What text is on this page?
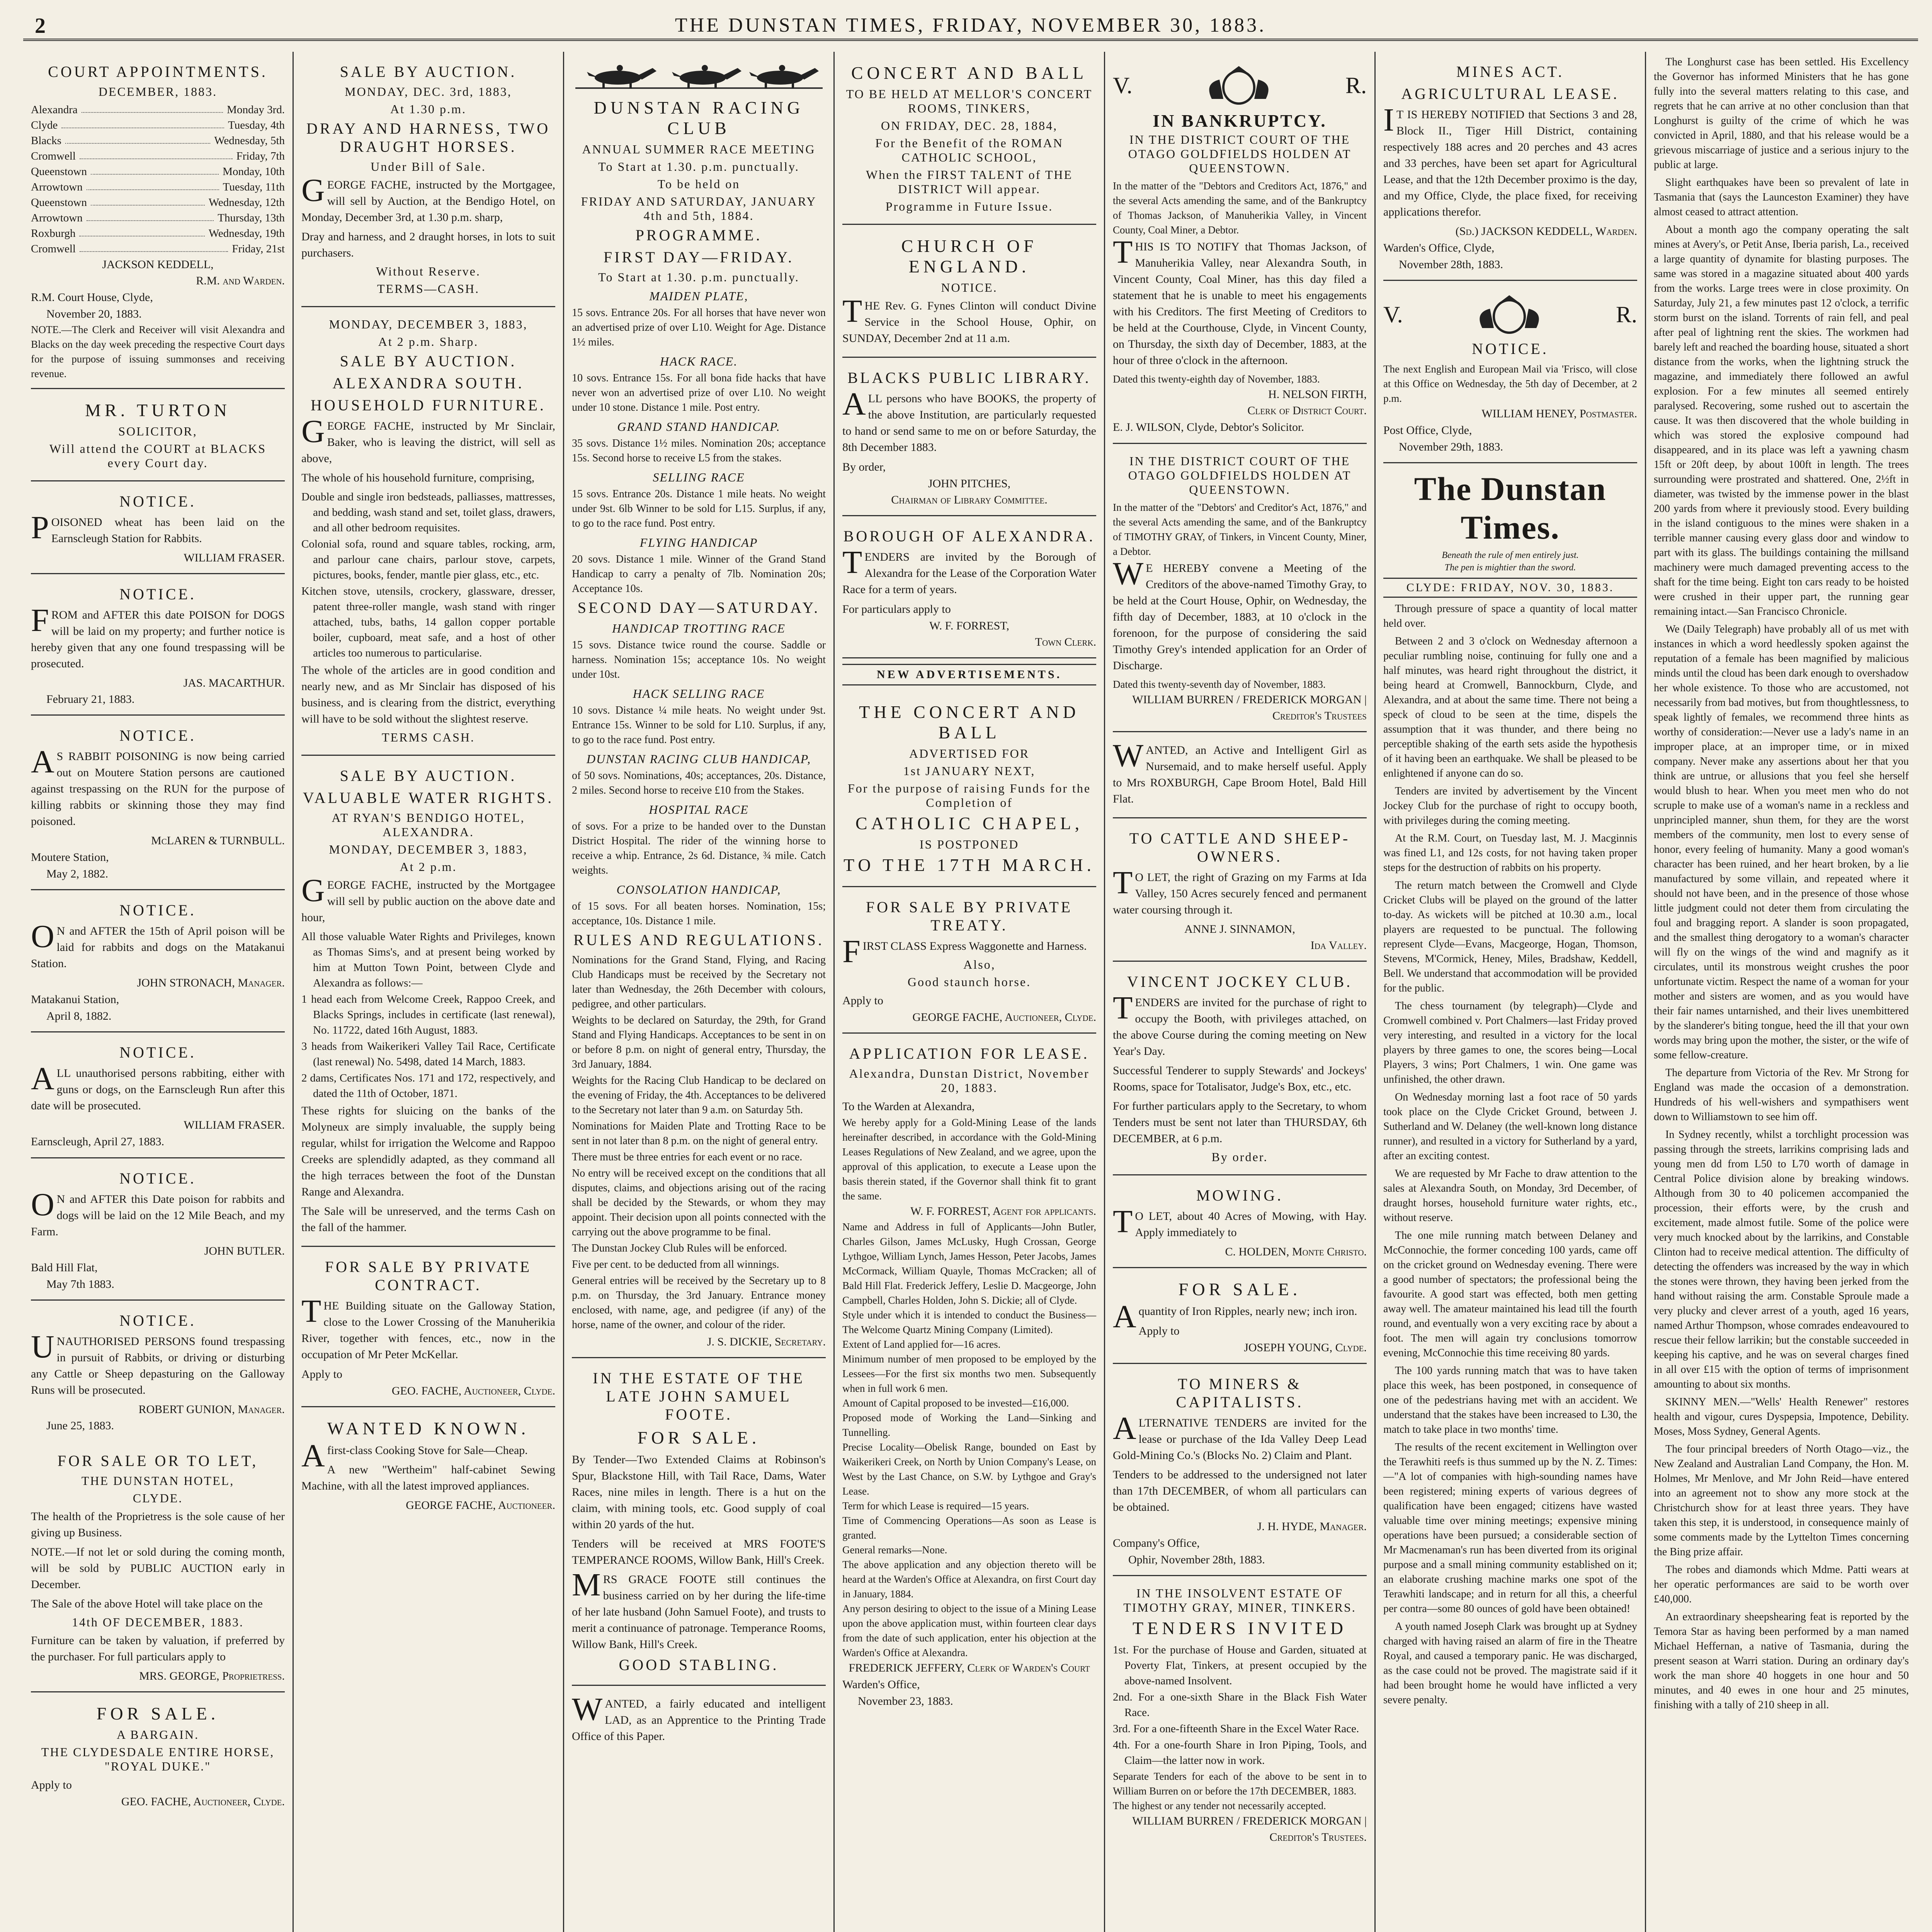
2	THE DUNSTAN TIMES, FRIDAY, NOVEMBER 30, 1883.
COURT APPOINTMENTS.
DECEMBER, 1883.
Alexandra	Monday 3rd.
Clyde	Tuesday, 4th
Blacks	Wednesday, 5th
Cromwell	Friday, 7th
Queenstown	Monday, 10th
Arrowtown	Tuesday, 11th
Queenstown	Wednesday, 12th
Arrowtown	Thursday, 13th
Roxburgh	Wednesday, 19th
Cromwell	Friday, 21st
JACKSON KEDDELL,
R.M. and Warden.
R.M. Court House, Clyde,
November 20, 1883.
NOTE.—The Clerk and Receiver will visit Alexandra and Blacks on the day week preceding the respective Court days for the purpose of issuing summonses and receiving revenue.
MR. TURTON
SOLICITOR,
Will attend the COURT at BLACKS every Court day.
NOTICE.
POISONED wheat has been laid on the Earnscleugh Station for Rabbits.
WILLIAM FRASER.
NOTICE.
FROM and AFTER this date POISON for DOGS will be laid on my property; and further notice is hereby given that any one found trespassing will be prosecuted.
JAS. MACARTHUR.
February 21, 1883.
NOTICE.
AS RABBIT POISONING is now being carried out on Moutere Station persons are cautioned against trespassing on the RUN for the purpose of killing rabbits or skinning those they may find poisoned.
McLAREN & TURNBULL.
Moutere Station,
May 2, 1882.
NOTICE.
ON and AFTER the 15th of April poison will be laid for rabbits and dogs on the Matakanui Station.
JOHN STRONACH, Manager.
Matakanui Station,
April 8, 1882.
NOTICE.
ALL unauthorised persons rabbiting, either with guns or dogs, on the Earnscleugh Run after this date will be prosecuted.
WILLIAM FRASER.
Earnscleugh, April 27, 1883.
NOTICE.
ON and AFTER this Date poison for rabbits and dogs will be laid on the 12 Mile Beach, and my Farm.
JOHN BUTLER.
Bald Hill Flat,
May 7th 1883.
NOTICE.
UNAUTHORISED PERSONS found trespassing in pursuit of Rabbits, or driving or disturbing any Cattle or Sheep depasturing on the Galloway Runs will be prosecuted.
ROBERT GUNION, Manager.
June 25, 1883.
FOR SALE OR TO LET,
THE DUNSTAN HOTEL,
CLYDE.
The health of the Proprietress is the sole cause of her giving up Business.
NOTE.—If not let or sold during the coming month, will be sold by PUBLIC AUCTION early in December.
The Sale of the above Hotel will take place on the
14th OF DECEMBER, 1883.
Furniture can be taken by valuation, if preferred by the purchaser. For full particulars apply to
MRS. GEORGE, Proprietress.
FOR SALE.
A BARGAIN.
THE CLYDESDALE ENTIRE HORSE, "ROYAL DUKE."
Apply to
GEO. FACHE, Auctioneer, Clyde.
SALE BY AUCTION.
MONDAY, DEC. 3rd, 1883,
At 1.30 p.m.
DRAY AND HARNESS, TWO DRAUGHT HORSES.
Under Bill of Sale.
GEORGE FACHE, instructed by the Mortgagee, will sell by Auction, at the Bendigo Hotel, on Monday, December 3rd, at 1.30 p.m. sharp,
Dray and harness, and 2 draught horses, in lots to suit purchasers.
Without Reserve.
TERMS—CASH.
MONDAY, DECEMBER 3, 1883,
At 2 p.m. Sharp.
SALE BY AUCTION.
ALEXANDRA SOUTH.
HOUSEHOLD FURNITURE.
GEORGE FACHE, instructed by Mr Sinclair, Baker, who is leaving the district, will sell as above,
The whole of his household furniture, comprising,
Double and single iron bedsteads, palliasses, mattresses, and bedding, wash stand and set, toilet glass, drawers, and all other bedroom requisites.
Colonial sofa, round and square tables, rocking, arm, and parlour cane chairs, parlour stove, carpets, pictures, books, fender, mantle pier glass, etc., etc.
Kitchen stove, utensils, crockery, glassware, dresser, patent three-roller mangle, wash stand with ringer attached, tubs, baths, 14 gallon copper portable boiler, cupboard, meat safe, and a host of other articles too numerous to particularise.
The whole of the articles are in good condition and nearly new, and as Mr Sinclair has disposed of his business, and is clearing from the district, everything will have to be sold without the slightest reserve.
TERMS CASH.
SALE BY AUCTION.
VALUABLE WATER RIGHTS.
AT RYAN'S BENDIGO HOTEL, ALEXANDRA.
MONDAY, DECEMBER 3, 1883,
At 2 p.m.
GEORGE FACHE, instructed by the Mortgagee will sell by public auction on the above date and hour,
All those valuable Water Rights and Privileges, known as Thomas Sims's, and at present being worked by him at Mutton Town Point, between Clyde and Alexandra as follows:—
1 head each from Welcome Creek, Rappoo Creek, and Blacks Springs, includes in certificate (last renewal), No. 11722, dated 16th August, 1883.
3 heads from Waikerikeri Valley Tail Race, Certificate (last renewal) No. 5498, dated 14 March, 1883.
2 dams, Certificates Nos. 171 and 172, respectively, and dated the 11th of October, 1871.
These rights for sluicing on the banks of the Molyneux are simply invaluable, the supply being regular, whilst for irrigation the Welcome and Rappoo Creeks are splendidly adapted, as they command all the high terraces between the foot of the Dunstan Range and Alexandra.
The Sale will be unreserved, and the terms Cash on the fall of the hammer.
FOR SALE BY PRIVATE CONTRACT.
THE Building situate on the Galloway Station, close to the Lower Crossing of the Manuherikia River, together with fences, etc., now in the occupation of Mr Peter McKellar.
Apply to
GEO. FACHE, Auctioneer, Clyde.
WANTED KNOWN.
Afirst-class Cooking Stove for Sale—Cheap.
A new "Wertheim" half-cabinet Sewing Machine, with all the latest improved appliances.
GEORGE FACHE, Auctioneer.
DUNSTAN RACING CLUB
ANNUAL SUMMER RACE MEETING
To Start at 1.30. p.m. punctually.
To be held on
FRIDAY AND SATURDAY, JANUARY 4th and 5th, 1884.
PROGRAMME.
FIRST DAY—FRIDAY.
To Start at 1.30. p.m. punctually.
MAIDEN PLATE,
15 sovs. Entrance 20s. For all horses that have never won an advertised prize of over L10. Weight for Age. Distance 1½ miles.
HACK RACE.
10 sovs. Entrance 15s. For all bona fide hacks that have never won an advertised prize of over L10. No weight under 10 stone. Distance 1 mile. Post entry.
GRAND STAND HANDICAP.
35 sovs. Distance 1½ miles. Nomination 20s; acceptance 15s. Second horse to receive L5 from the stakes.
SELLING RACE
15 sovs. Entrance 20s. Distance 1 mile heats. No weight under 9st. 6lb Winner to be sold for L15. Surplus, if any, to go to the race fund. Post entry.
FLYING HANDICAP
20 sovs. Distance 1 mile. Winner of the Grand Stand Handicap to carry a penalty of 7lb. Nomination 20s; Acceptance 10s.
SECOND DAY—SATURDAY.
HANDICAP TROTTING RACE
15 sovs. Distance twice round the course. Saddle or harness. Nomination 15s; acceptance 10s. No weight under 10st.
HACK SELLING RACE
10 sovs. Distance ¼ mile heats. No weight under 9st. Entrance 15s. Winner to be sold for L10. Surplus, if any, to go to the race fund. Post entry.
DUNSTAN RACING CLUB HANDICAP,
of 50 sovs. Nominations, 40s; acceptances, 20s. Distance, 2 miles. Second horse to receive £10 from the Stakes.
HOSPITAL RACE
of sovs. For a prize to be handed over to the Dunstan District Hospital. The rider of the winning horse to receive a whip. Entrance, 2s 6d. Distance, ¾ mile. Catch weights.
CONSOLATION HANDICAP,
of 15 sovs. For all beaten horses. Nomination, 15s; acceptance, 10s. Distance 1 mile.
RULES AND REGULATIONS.
Nominations for the Grand Stand, Flying, and Racing Club Handicaps must be received by the Secretary not later than Wednesday, the 26th December with colours, pedigree, and other particulars.
Weights to be declared on Saturday, the 29th, for Grand Stand and Flying Handicaps. Acceptances to be sent in on or before 8 p.m. on night of general entry, Thursday, the 3rd January, 1884.
Weights for the Racing Club Handicap to be declared on the evening of Friday, the 4th. Acceptances to be delivered to the Secretary not later than 9 a.m. on Saturday 5th.
Nominations for Maiden Plate and Trotting Race to be sent in not later than 8 p.m. on the night of general entry.
There must be three entries for each event or no race.
No entry will be received except on the conditions that all disputes, claims, and objections arising out of the racing shall be decided by the Stewards, or whom they may appoint. Their decision upon all points connected with the carrying out the above programme to be final.
The Dunstan Jockey Club Rules will be enforced.
Five per cent. to be deducted from all winnings.
General entries will be received by the Secretary up to 8 p.m. on Thursday, the 3rd January. Entrance money enclosed, with name, age, and pedigree (if any) of the horse, name of the owner, and colour of the rider.
J. S. DICKIE, Secretary.
IN THE ESTATE OF THE LATE JOHN SAMUEL FOOTE.
FOR SALE.
By Tender—Two Extended Claims at Robinson's Spur, Blackstone Hill, with Tail Race, Dams, Water Races, nine miles in length. There is a hut on the claim, with mining tools, etc. Good supply of coal within 20 yards of the hut.
Tenders will be received at MRS FOOTE'S TEMPERANCE ROOMS, Willow Bank, Hill's Creek.
MRS GRACE FOOTE still continues the business carried on by her during the life-time of her late husband (John Samuel Foote), and trusts to merit a continuance of patronage. Temperance Rooms, Willow Bank, Hill's Creek.
GOOD STABLING.
WANTED, a fairly educated and intelligent LAD, as an Apprentice to the Printing Trade Office of this Paper.
CONCERT AND BALL
TO BE HELD AT MELLOR'S CONCERT ROOMS, TINKERS,
ON FRIDAY, DEC. 28, 1884,
For the Benefit of the ROMAN CATHOLIC SCHOOL,
When the FIRST TALENT of THE DISTRICT Will appear.
Programme in Future Issue.
CHURCH OF ENGLAND.
NOTICE.
THE Rev. G. Fynes Clinton will conduct Divine Service in the School House, Ophir, on SUNDAY, December 2nd at 11 a.m.
BLACKS PUBLIC LIBRARY.
ALL persons who have BOOKS, the property of the above Institution, are particularly requested to hand or send same to me on or before Saturday, the 8th December 1883.
By order,
JOHN PITCHES,
Chairman of Library Committee.
BOROUGH OF ALEXANDRA.
TENDERS are invited by the Borough of Alexandra for the Lease of the Corporation Water Race for a term of years.
For particulars apply to
W. F. FORREST,
Town Clerk.
NEW ADVERTISEMENTS.
THE CONCERT AND BALL
ADVERTISED FOR
1st JANUARY NEXT,
For the purpose of raising Funds for the Completion of
CATHOLIC CHAPEL,
IS POSTPONED
TO THE 17TH MARCH.
FOR SALE BY PRIVATE TREATY.
FIRST CLASS Express Waggonette and Harness.
Also,
Good staunch horse.
Apply to
GEORGE FACHE, Auctioneer, Clyde.
APPLICATION FOR LEASE.
Alexandra, Dunstan District, November 20, 1883.
To the Warden at Alexandra,
We hereby apply for a Gold-Mining Lease of the lands hereinafter described, in accordance with the Gold-Mining Leases Regulations of New Zealand, and we agree, upon the approval of this application, to execute a Lease upon the basis therein stated, if the Governor shall think fit to grant the same.
W. F. FORREST, Agent for applicants.
Name and Address in full of Applicants—John Butler, Charles Gilson, James McLusky, Hugh Crossan, George Lythgoe, William Lynch, James Hesson, Peter Jacobs, James McCormack, William Quayle, Thomas McCracken; all of Bald Hill Flat. Frederick Jeffery, Leslie D. Macgeorge, John Campbell, Charles Holden, John S. Dickie; all of Clyde.
Style under which it is intended to conduct the Business—The Welcome Quartz Mining Company (Limited).
Extent of Land applied for—16 acres.
Minimum number of men proposed to be employed by the Lessees—For the first six months two men. Subsequently when in full work 6 men.
Amount of Capital proposed to be invested—£16,000.
Proposed mode of Working the Land—Sinking and Tunnelling.
Precise Locality—Obelisk Range, bounded on East by Waikerikeri Creek, on North by Union Company's Lease, on West by the Last Chance, on S.W. by Lythgoe and Gray's Lease.
Term for which Lease is required—15 years.
Time of Commencing Operations—As soon as Lease is granted.
General remarks—None.
The above application and any objection thereto will be heard at the Warden's Office at Alexandra, on first Court day in January, 1884.
Any person desiring to object to the issue of a Mining Lease upon the above application must, within fourteen clear days from the date of such application, enter his objection at the Warden's Office at Alexandra.
FREDERICK JEFFERY, Clerk of Warden's Court
Warden's Office,
November 23, 1883.
V.	R.
IN BANKRUPTCY.
IN THE DISTRICT COURT OF THE OTAGO GOLDFIELDS HOLDEN AT QUEENSTOWN.
In the matter of the "Debtors and Creditors Act, 1876," and the several Acts amending the same, and of the Bankruptcy of Thomas Jackson, of Manuherikia Valley, in Vincent County, Coal Miner, a Debtor.
THIS IS TO NOTIFY that Thomas Jackson, of Manuherikia Valley, near Alexandra South, in Vincent County, Coal Miner, has this day filed a statement that he is unable to meet his engagements with his Creditors. The first Meeting of Creditors to be held at the Courthouse, Clyde, in Vincent County, on Thursday, the sixth day of December, 1883, at the hour of three o'clock in the afternoon.
Dated this twenty-eighth day of November, 1883.
H. NELSON FIRTH,
Clerk of District Court.
E. J. WILSON, Clyde, Debtor's Solicitor.
IN THE DISTRICT COURT OF THE OTAGO GOLDFIELDS HOLDEN AT QUEENSTOWN.
In the matter of the "Debtors' and Creditor's Act, 1876," and the several Acts amending the same, and of the Bankruptcy of TIMOTHY GRAY, of Tinkers, in Vincent County, Miner, a Debtor.
WE HEREBY convene a Meeting of the Creditors of the above-named Timothy Gray, to be held at the Court House, Ophir, on Wednesday, the fifth day of December, 1883, at 10 o'clock in the forenoon, for the purpose of considering the said Timothy Grey's intended application for an Order of Discharge.
Dated this twenty-seventh day of November, 1883.
WILLIAM BURREN / FREDERICK MORGAN | Creditor's Trustees
WANTED, an Active and Intelligent Girl as Nursemaid, and to make herself useful. Apply to Mrs ROXBURGH, Cape Broom Hotel, Bald Hill Flat.
TO CATTLE AND SHEEP-OWNERS.
TO LET, the right of Grazing on my Farms at Ida Valley, 150 Acres securely fenced and permanent water coursing through it.
ANNE J. SINNAMON,
Ida Valley.
VINCENT JOCKEY CLUB.
TENDERS are invited for the purchase of right to occupy the Booth, with privileges attached, on the above Course during the coming meeting on New Year's Day.
Successful Tenderer to supply Stewards' and Jockeys' Rooms, space for Totalisator, Judge's Box, etc., etc.
For further particulars apply to the Secretary, to whom Tenders must be sent not later than THURSDAY, 6th DECEMBER, at 6 p.m.
By order.
MOWING.
TO LET, about 40 Acres of Mowing, with Hay. Apply immediately to
C. HOLDEN, Monte Christo.
FOR SALE.
Aquantity of Iron Ripples, nearly new; inch iron.
Apply to
JOSEPH YOUNG, Clyde.
TO MINERS & CAPITALISTS.
ALTERNATIVE TENDERS are invited for the lease or purchase of the Ida Valley Deep Lead Gold-Mining Co.'s (Blocks No. 2) Claim and Plant.
Tenders to be addressed to the undersigned not later than 17th DECEMBER, of whom all particulars can be obtained.
J. H. HYDE, Manager.
Company's Office,
Ophir, November 28th, 1883.
IN THE INSOLVENT ESTATE OF TIMOTHY GRAY, MINER, TINKERS.
TENDERS INVITED
1st. For the purchase of House and Garden, situated at Poverty Flat, Tinkers, at present occupied by the above-named Insolvent.
2nd. For a one-sixth Share in the Black Fish Water Race.
3rd. For a one-fifteenth Share in the Excel Water Race.
4th. For a one-fourth Share in Iron Piping, Tools, and Claim—the latter now in work.
Separate Tenders for each of the above to be sent in to William Burren on or before the 17th DECEMBER, 1883.
The highest or any tender not necessarily accepted.
WILLIAM BURREN / FREDERICK MORGAN | Creditor's Trustees.
MINES ACT.
AGRICULTURAL LEASE.
IT IS HEREBY NOTIFIED that Sections 3 and 28, Block II., Tiger Hill District, containing respectively 188 acres and 20 perches and 43 acres and 33 perches, have been set apart for Agricultural Lease, and that the 12th December proximo is the day, and my Office, Clyde, the place fixed, for receiving applications therefor.
(Sd.) JACKSON KEDDELL, Warden.
Warden's Office, Clyde,
November 28th, 1883.
V.	R.
NOTICE.
The next English and European Mail via 'Frisco, will close at this Office on Wednesday, the 5th day of December, at 2 p.m.
WILLIAM HENEY, Postmaster.
Post Office, Clyde,
November 29th, 1883.
The Dunstan Times.
Beneath the rule of men entirely just.
The pen is mightier than the sword.
CLYDE: FRIDAY, NOV. 30, 1883.
Through pressure of space a quantity of local matter held over.
Between 2 and 3 o'clock on Wednesday afternoon a peculiar rumbling noise, continuing for fully one and a half minutes, was heard right throughout the district, it being heard at Cromwell, Bannockburn, Clyde, and Alexandra, and at about the same time. There not being a speck of cloud to be seen at the time, dispels the assumption that it was thunder, and there being no perceptible shaking of the earth sets aside the hypothesis of it having been an earthquake. We shall be pleased to be enlightened if anyone can do so.
Tenders are invited by advertisement by the Vincent Jockey Club for the purchase of right to occupy booth, with privileges during the coming meeting.
At the R.M. Court, on Tuesday last, M. J. Macginnis was fined L1, and 12s costs, for not having taken proper steps for the destruction of rabbits on his property.
The return match between the Cromwell and Clyde Cricket Clubs will be played on the ground of the latter to-day. As wickets will be pitched at 10.30 a.m., local players are requested to be punctual. The following represent Clyde—Evans, Macgeorge, Hogan, Thomson, Stevens, M'Cormick, Heney, Miles, Bradshaw, Keddell, Bell. We understand that accommodation will be provided for the public.
The chess tournament (by telegraph)—Clyde and Cromwell combined v. Port Chalmers—last Friday proved very interesting, and resulted in a victory for the local players by three games to one, the scores being—Local Players, 3 wins; Port Chalmers, 1 win. One game was unfinished, the other drawn.
On Wednesday morning last a foot race of 50 yards took place on the Clyde Cricket Ground, between J. Sutherland and W. Delaney (the well-known long distance runner), and resulted in a victory for Sutherland by a yard, after an exciting contest.
We are requested by Mr Fache to draw attention to the sales at Alexandra South, on Monday, 3rd December, of draught horses, household furniture water rights, etc., without reserve.
The one mile running match between Delaney and McConnochie, the former conceding 100 yards, came off on the cricket ground on Wednesday evening. There were a good number of spectators; the professional being the favourite. A good start was effected, both men getting away well. The amateur maintained his lead till the fourth round, and eventually won a very exciting race by about a foot. The men will again try conclusions tomorrow evening, McConnochie this time receiving 80 yards.
The 100 yards running match that was to have taken place this week, has been postponed, in consequence of one of the pedestrians having met with an accident. We understand that the stakes have been increased to L30, the match to take place in two months' time.
The results of the recent excitement in Wellington over the Terawhiti reefs is thus summed up by the N. Z. Times:—"A lot of companies with high-sounding names have been registered; mining experts of various degrees of qualification have been engaged; citizens have wasted valuable time over mining meetings; expensive mining operations have been pursued; a considerable section of Mr Macmenaman's run has been diverted from its original purpose and a small mining community established on it; an elaborate crushing machine marks one spot of the Terawhiti landscape; and in return for all this, a cheerful per contra—some 80 ounces of gold have been obtained!
A youth named Joseph Clark was brought up at Sydney charged with having raised an alarm of fire in the Theatre Royal, and caused a temporary panic. He was discharged, as the case could not be proved. The magistrate said if it had been brought home he would have inflicted a very severe penalty.
The Longhurst case has been settled. His Excellency the Governor has informed Ministers that he has gone fully into the several matters relating to this case, and regrets that he can arrive at no other conclusion than that Longhurst is guilty of the crime of which he was convicted in April, 1880, and that his release would be a grievous miscarriage of justice and a serious injury to the public at large.
Slight earthquakes have been so prevalent of late in Tasmania that (says the Launceston Examiner) they have almost ceased to attract attention.
About a month ago the company operating the salt mines at Avery's, or Petit Anse, Iberia parish, La., received a large quantity of dynamite for blasting purposes. The same was stored in a magazine situated about 400 yards from the works. Large trees were in close proximity. On Saturday, July 21, a few minutes past 12 o'clock, a terrific storm burst on the island. Torrents of rain fell, and peal after peal of lightning rent the skies. The workmen had barely left and reached the boarding house, situated a short distance from the works, when the lightning struck the magazine, and immediately there followed an awful explosion. For a few minutes all seemed entirely paralysed. Recovering, some rushed out to ascertain the cause. It was then discovered that the whole building in which was stored the explosive compound had disappeared, and in its place was left a yawning chasm 15ft or 20ft deep, by about 100ft in length. The trees surrounding were prostrated and shattered. One, 2½ft in diameter, was twisted by the immense power in the blast 200 yards from where it previously stood. Every building in the island contiguous to the mines were shaken in a terrible manner causing every glass door and window to part with its glass. The buildings containing the millsand machinery were much damaged preventing access to the shaft for the time being. Eight ton cars ready to be hoisted were crushed in their upper part, the running gear remaining intact.—San Francisco Chronicle.
We (Daily Telegraph) have probably all of us met with instances in which a word heedlessly spoken against the reputation of a female has been magnified by malicious minds until the cloud has been dark enough to overshadow her whole existence. To those who are accustomed, not necessarily from bad motives, but from thoughtlessness, to speak lightly of females, we recommend three hints as worthy of consideration:—Never use a lady's name in an improper place, at an improper time, or in mixed company. Never make any assertions about her that you think are untrue, or allusions that you feel she herself would blush to hear. When you meet men who do not scruple to make use of a woman's name in a reckless and unprincipled manner, shun them, for they are the worst members of the community, men lost to every sense of honor, every feeling of humanity. Many a good woman's character has been ruined, and her heart broken, by a lie manufactured by some villain, and repeated where it should not have been, and in the presence of those whose little judgment could not deter them from circulating the foul and bragging report. A slander is soon propagated, and the smallest thing derogatory to a woman's character will fly on the wings of the wind and magnify as it circulates, until its monstrous weight crushes the poor unfortunate victim. Respect the name of a woman for your mother and sisters are women, and as you would have their fair names untarnished, and their lives unembittered by the slanderer's biting tongue, heed the ill that your own words may bring upon the mother, the sister, or the wife of some fellow-creature.
The departure from Victoria of the Rev. Mr Strong for England was made the occasion of a demonstration. Hundreds of his well-wishers and sympathisers went down to Williamstown to see him off.
In Sydney recently, whilst a torchlight procession was passing through the streets, larrikins comprising lads and young men dd from L50 to L70 worth of damage in Central Police division alone by breaking windows. Although from 30 to 40 policemen accompanied the procession, their efforts were, by the crush and excitement, made almost futile. Some of the police were very much knocked about by the larrikins, and Constable Clinton had to receive medical attention. The difficulty of detecting the offenders was increased by the way in which the stones were thrown, they having been jerked from the hand without raising the arm. Constable Sproule made a very plucky and clever arrest of a youth, aged 16 years, named Arthur Thompson, whose comrades endeavoured to rescue their fellow larrikin; but the constable succeeded in keeping his captive, and he was on several charges fined in all over £15 with the option of terms of imprisonment amounting to about six months.
SKINNY MEN.—"Wells' Health Renewer" restores health and vigour, cures Dyspepsia, Impotence, Debility. Moses, Moss Sydney, General Agents.
The four principal breeders of North Otago—viz., the New Zealand and Australian Land Company, the Hon. M. Holmes, Mr Menlove, and Mr John Reid—have entered into an agreement not to show any more stock at the Christchurch show for at least three years. They have taken this step, it is understood, in consequence mainly of some comments made by the Lyttelton Times concerning the Bing prize affair.
The robes and diamonds which Mdme. Patti wears at her operatic performances are said to be worth over £40,000.
An extraordinary sheepshearing feat is reported by the Temora Star as having been performed by a man named Michael Heffernan, a native of Tasmania, during the present season at Warri station. During an ordinary day's work the man shore 40 hoggets in one hour and 50 minutes, and 40 ewes in one hour and 25 minutes, finishing with a tally of 210 sheep in all.
